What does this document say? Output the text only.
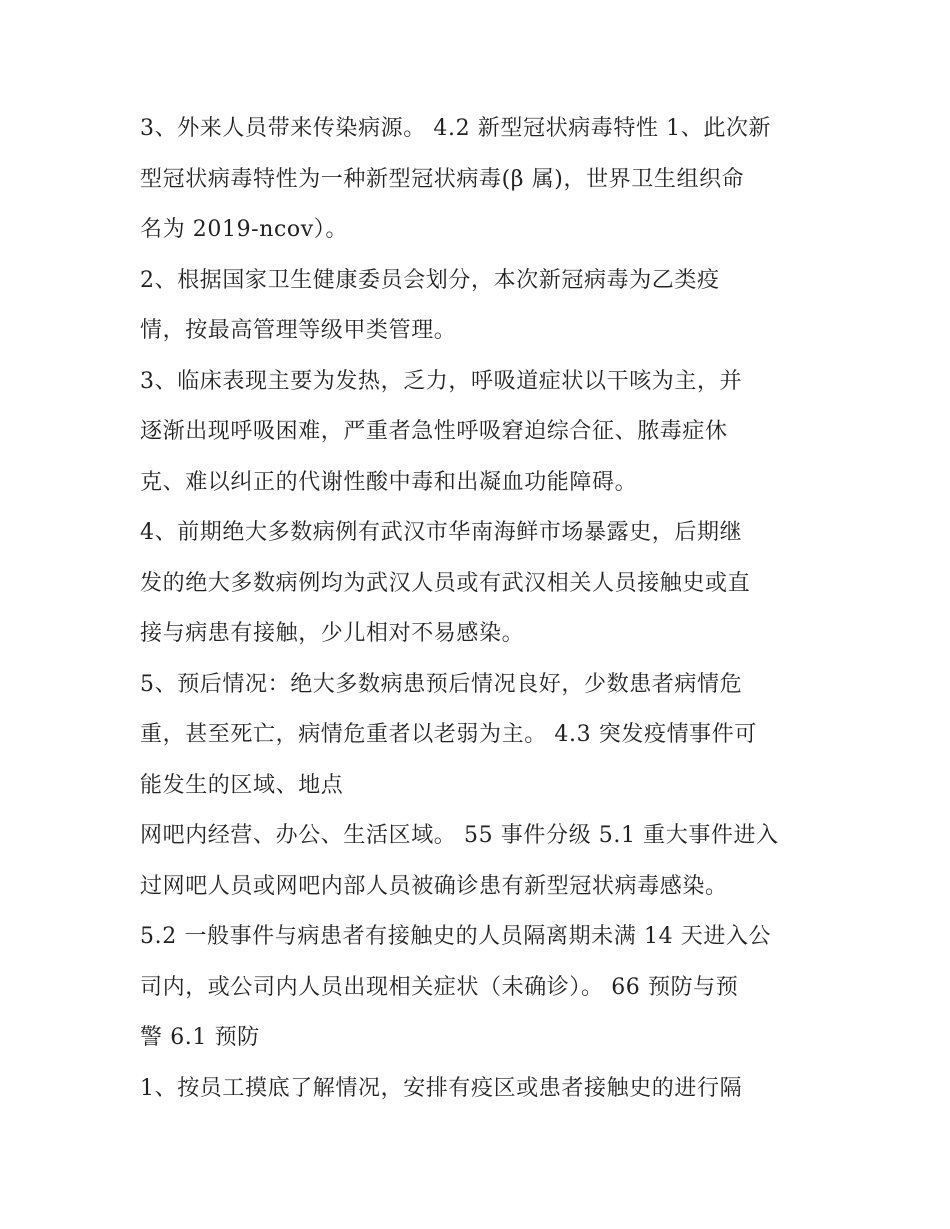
3、外来人员带来传染病源。 4.2 新型冠状病毒特性 1、此次新
型冠状病毒特性为一种新型冠状病毒(β 属)，世界卫生组织命
名为 2019-ncov）。
2、根据国家卫生健康委员会划分，本次新冠病毒为乙类疫
情，按最高管理等级甲类管理。
3、临床表现主要为发热，乏力，呼吸道症状以干咳为主，并
逐渐出现呼吸困难，严重者急性呼吸窘迫综合征、脓毒症休
克、难以纠正的代谢性酸中毒和出凝血功能障碍。
4、前期绝大多数病例有武汉市华南海鲜市场暴露史，后期继
发的绝大多数病例均为武汉人员或有武汉相关人员接触史或直
接与病患有接触，少儿相对不易感染。
5、预后情况：绝大多数病患预后情况良好，少数患者病情危
重，甚至死亡，病情危重者以老弱为主。 4.3 突发疫情事件可
能发生的区域、地点
网吧内经营、办公、生活区域。 55 事件分级 5.1 重大事件进入
过网吧人员或网吧内部人员被确诊患有新型冠状病毒感染。
5.2 一般事件与病患者有接触史的人员隔离期未满 14 天进入公
司内，或公司内人员出现相关症状（未确诊）。 66 预防与预
警 6.1 预防
1、按员工摸底了解情况，安排有疫区或患者接触史的进行隔
